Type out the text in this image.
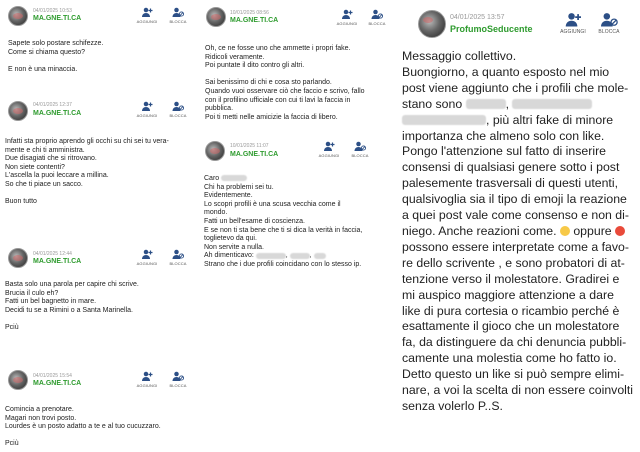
04/01/2025 10:53
MA.GNE.TI.CA	AGGIUNGI	BLOCCA

Sapete solo postare schifezze.

Come si chiama questo?

E non è una minaccia.

04/01/2025 12:37
MA.GNE.TI.CA	AGGIUNGI	BLOCCA

Infatti sta proprio aprendo gli occhi su chi sei tu vera-

mente e chi ti amministra.

Due disagiati che si ritrovano.

Non siete contenti?

L'ascella la puoi leccare a millina.

So che ti piace un sacco.

Buon tutto

04/01/2025 12:44
MA.GNE.TI.CA	AGGIUNGI	BLOCCA

Basta solo una parola per capire chi scrive.

Brucia il culo eh?

Fatti un bel bagnetto in mare.

Decidi tu se a Rimini o a Santa Marinella.

Pciù

04/01/2025 15:54
MA.GNE.TI.CA	AGGIUNGI	BLOCCA

Comincia a prenotare.

Magari non trovi posto.

Lourdes è un posto adatto a te e al tuo cucuzzaro.

Pciù

10/01/2025 08:56
MA.GNE.TI.CA	AGGIUNGI	BLOCCA

Oh, ce ne fosse uno che ammette i propri fake.

Ridicoli veramente.

Poi puntate il dito contro gli altri.

Sai benissimo di chi e cosa sto parlando.

Quando vuoi osservare ciò che faccio e scrivo, fallo

con il profilino ufficiale con cui ti lavi la faccia in

pubblica.

Poi ti metti nelle amicizie la faccia di libero.

10/01/2025 11:07
MA.GNE.TI.CA	AGGIUNGI	BLOCCA

Caro

Chi ha problemi sei tu.

Evidentemente.

Lo scopri profili è una scusa vecchia come il

mondo.

Fatti un bell'esame di coscienza.

E se non ti sta bene che ti si dica la verità in faccia,

toglietevo da qui.

Non servite a nulla.

Ah dimenticavo:	,	,

Strano che i due profili coincidano con lo stesso ip.

04/01/2025 13:57
ProfumoSeducente	AGGIUNGI	BLOCCA

Messaggio collettivo.

Buongiorno, a quanto esposto nel mio

post viene aggiunto che i profili che mole-

stano sono	,

, più altri fake di minore

importanza che almeno solo con like.

Pongo l'attenzione sul fatto di inserire

consensi di qualsiasi genere sotto i post

palesemente trasversali di questi utenti,

qualsivoglia sia il tipo di emoji la reazione

a quei post vale come consenso e non di-

niego. Anche reazioni come. oppure

possono essere interpretate come a favo-

re dello scrivente , e sono probatori di at-

tenzione verso il molestatore. Gradirei e

mi auspico maggiore attenzione a dare

like di pura cortesia o ricambio perché è

esattamente il gioco che un molestatore

fa, da distinguere da chi denuncia pubbli-

camente una molestia come ho fatto io.

Detto questo un like si può sempre elimi-

nare, a voi la scelta di non essere coinvolti

senza volerlo P..S.
